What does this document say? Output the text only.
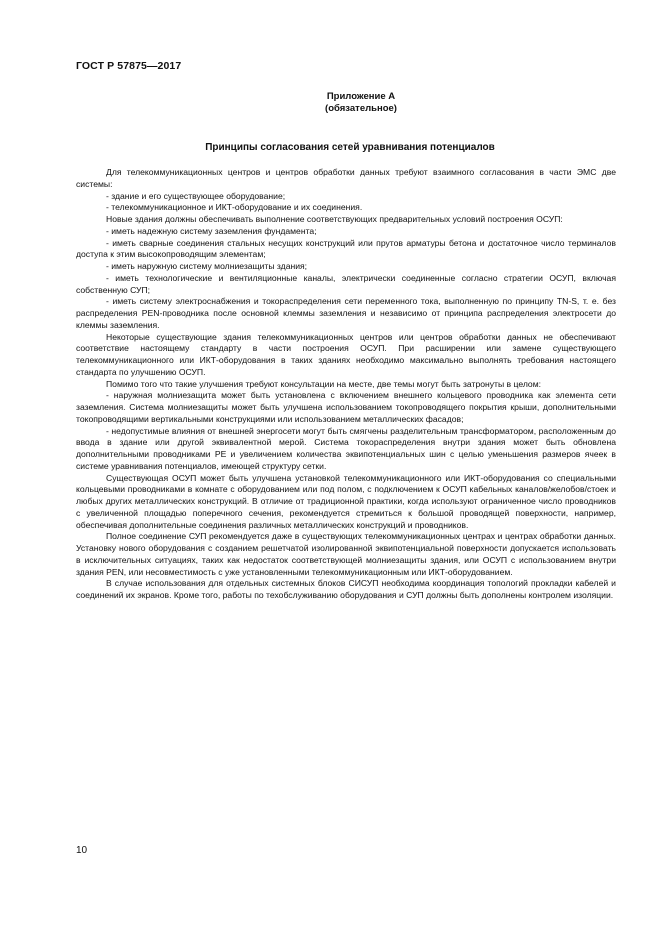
ГОСТ Р 57875—2017
Приложение А
(обязательное)
Принципы согласования сетей уравнивания потенциалов

Для телекоммуникационных центров и центров обработки данных требуют взаимного согласования в части ЭМС две системы:

- здание и его существующее оборудование;

- телекоммуникационное и ИКТ-оборудование и их соединения.

Новые здания должны обеспечивать выполнение соответствующих предварительных условий построения ОСУП:

- иметь надежную систему заземления фундамента;

- иметь сварные соединения стальных несущих конструкций или прутов арматуры бетона и достаточное число терминалов доступа к этим высокопроводящим элементам;

- иметь наружную систему молниезащиты здания;

- иметь технологические и вентиляционные каналы, электрически соединенные согласно стратегии ОСУП, включая собственную СУП;

- иметь систему электроснабжения и токораспределения сети переменного тока, выполненную по принципу TN-S, т. е. без распределения PEN-проводника после основной клеммы заземления и независимо от принципа распределения электросети до клеммы заземления.

Некоторые существующие здания телекоммуникационных центров или центров обработки данных не обеспечивают соответствие настоящему стандарту в части построения ОСУП. При расширении или замене существующего телекоммуникационного или ИКТ-оборудования в таких зданиях необходимо максимально выполнять требования настоящего стандарта по улучшению ОСУП.

Помимо того что такие улучшения требуют консультации на месте, две темы могут быть затронуты в целом:

- наружная молниезащита может быть установлена с включением внешнего кольцевого проводника как элемента сети заземления. Система молниезащиты может быть улучшена использованием токопроводящего покрытия крыши, дополнительными токопроводящими вертикальными конструкциями или использованием металлических фасадов;

- недопустимые влияния от внешней энергосети могут быть смягчены разделительным трансформатором, расположенным до ввода в здание или другой эквивалентной мерой. Система токораспределения внутри здания может быть обновлена дополнительными проводниками РЕ и увеличением количества эквипотенциальных шин с целью уменьшения размеров ячеек в системе уравнивания потенциалов, имеющей структуру сетки.

Существующая ОСУП может быть улучшена установкой телекоммуникационного или ИКТ-оборудования со специальными кольцевыми проводниками в комнате с оборудованием или под полом, с подключением к ОСУП кабельных каналов/желобов/стоек и любых других металлических конструкций. В отличие от традиционной практики, когда используют ограниченное число проводников с увеличенной площадью поперечного сечения, рекомендуется стремиться к большой проводящей поверхности, например, обеспечивая дополнительные соединения различных металлических конструкций и проводников.

Полное соединение СУП рекомендуется даже в существующих телекоммуникационных центрах и центрах обработки данных. Установку нового оборудования с созданием решетчатой изолированной эквипотенциальной поверхности допускается использовать в исключительных ситуациях, таких как недостаток соответствующей молниезащиты здания, или ОСУП с использованием внутри здания PEN, или несовместимость с уже установленными телекоммуникационным или ИКТ-оборудованием.

В случае использования для отдельных системных блоков СИСУП необходима координация топологий прокладки кабелей и соединений их экранов. Кроме того, работы по техобслуживанию оборудования и СУП должны быть дополнены контролем изоляции.

10
